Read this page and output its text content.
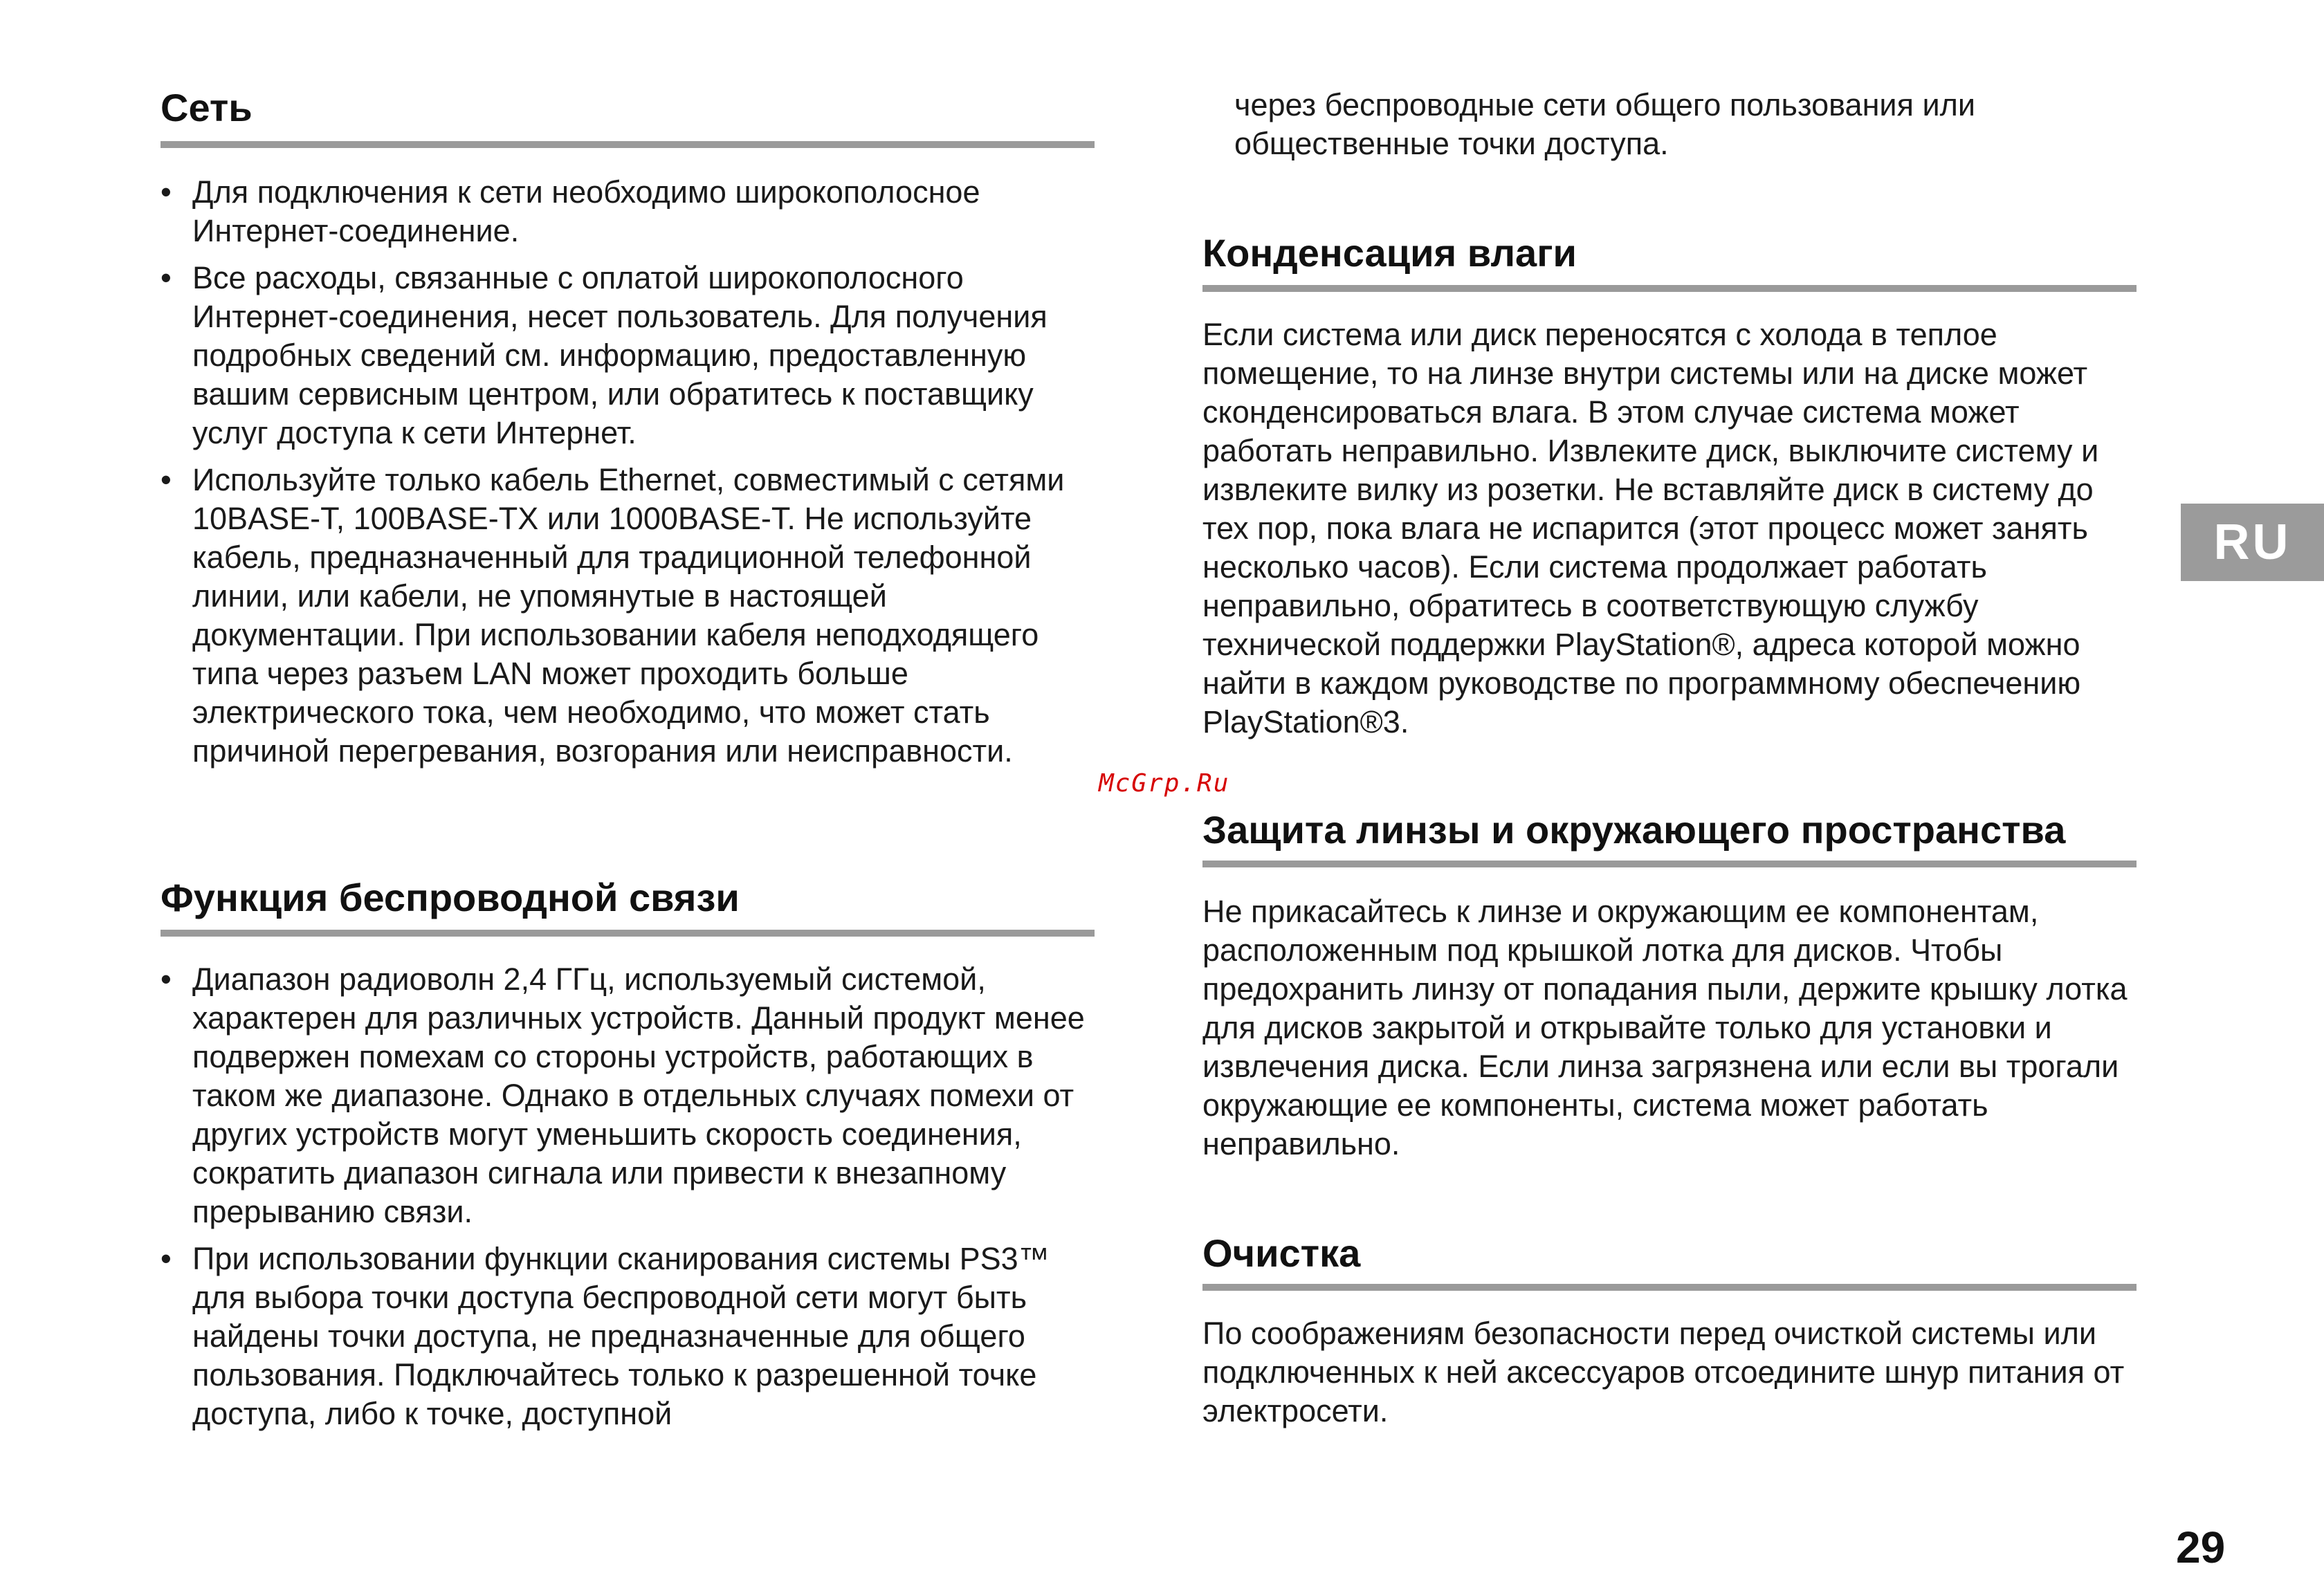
Сеть
• Для подключения к сети необходимо широкополосное Интернет-соединение.
• Все расходы, связанные с оплатой широкополосного Интернет-соединения, несет пользователь. Для получения подробных сведений см. информацию, предоставленную вашим сервисным центром, или обратитесь к поставщику услуг доступа к сети Интернет.
• Используйте только кабель Ethernet, совместимый с сетями 10BASE-T, 100BASE-TX или 1000BASE-T. Не используйте кабель, предназначенный для традиционной телефонной линии, или кабели, не упомянутые в настоящей документации. При использовании кабеля неподходящего типа через разъем LAN может проходить больше электрического тока, чем необходимо, что может стать причиной перегревания, возгорания или неисправности.
Функция беспроводной связи
• Диапазон радиоволн 2,4 ГГц, используемый системой, характерен для различных устройств. Данный продукт менее подвержен помехам со стороны устройств, работающих в таком же диапазоне. Однако в отдельных случаях помехи от других устройств могут уменьшить скорость соединения, сократить диапазон сигнала или привести к внезапному прерыванию связи.
• При использовании функции сканирования системы PS3™ для выбора точки доступа беспроводной сети могут быть найдены точки доступа, не предназначенные для общего пользования. Подключайтесь только к разрешенной точке доступа, либо к точке, доступной

через беспроводные сети общего пользования или общественные точки доступа.

Конденсация влаги

Если система или диск переносятся с холода в теплое помещение, то на линзе внутри системы или на диске может сконденсироваться влага. В этом случае система может работать неправильно. Извлеките диск, выключите систему и извлеките вилку из розетки. Не вставляйте диск в систему до тех пор, пока влага не испарится (этот процесс может занять несколько часов). Если система продолжает работать неправильно, обратитесь в соответствующую службу технической поддержки PlayStation®, адреса которой можно найти в каждом руководстве по программному обеспечению PlayStation®3.

Защита линзы и окружающего пространства

Не прикасайтесь к линзе и окружающим ее компонентам, расположенным под крышкой лотка для дисков. Чтобы предохранить линзу от попадания пыли, держите крышку лотка для дисков закрытой и открывайте только для установки и извлечения диска. Если линза загрязнена или если вы трогали окружающие ее компоненты, система может работать неправильно.

Очистка

По соображениям безопасности перед очисткой системы или подключенных к ней аксессуаров отсоедините шнур питания от электросети.

McGrp.Ru
RU
29
